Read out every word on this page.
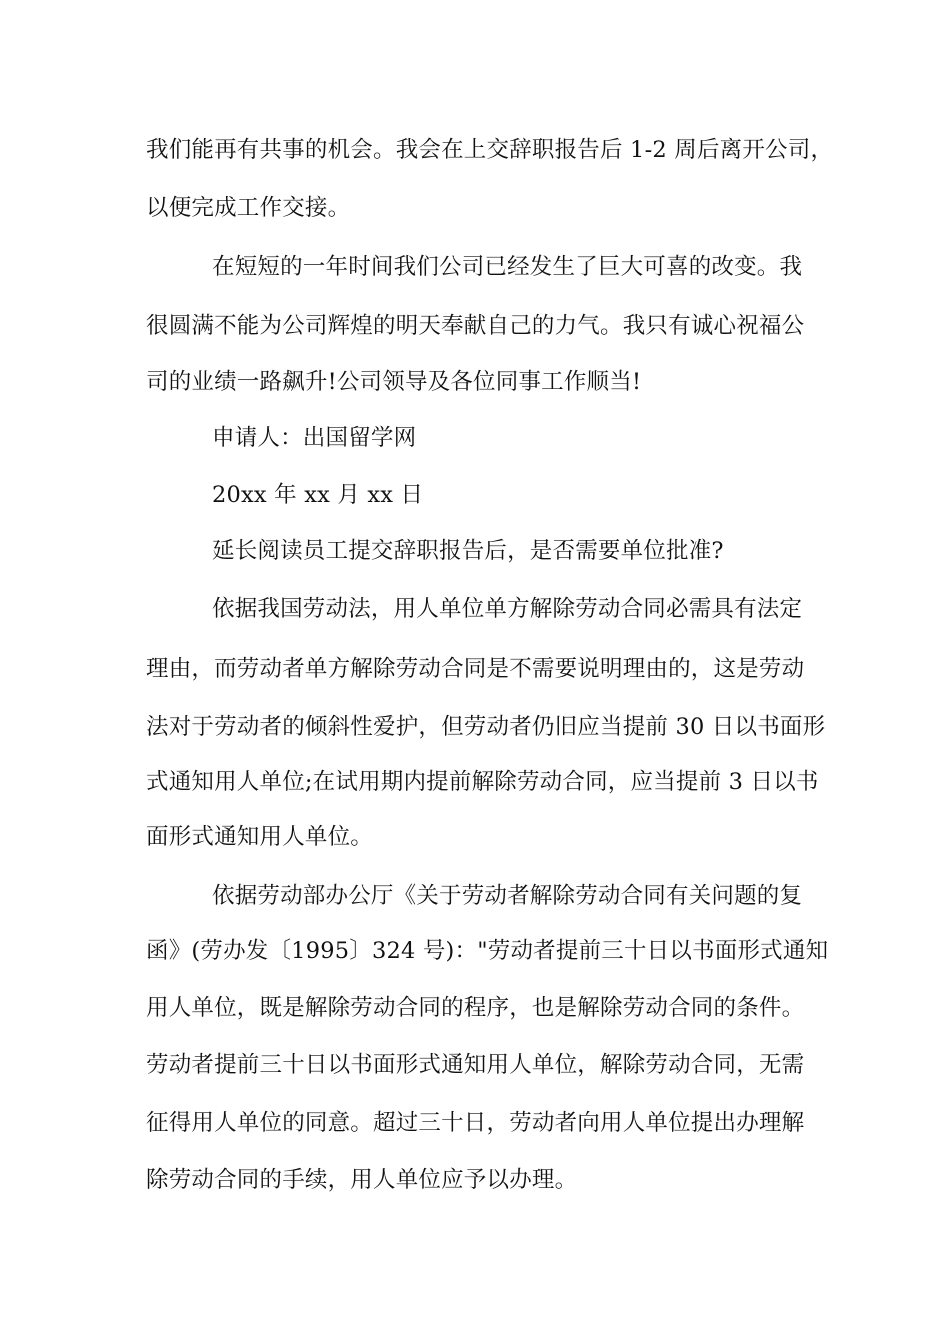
我们能再有共事的机会。我会在上交辞职报告后 1-2 周后离开公司，
以便完成工作交接。
在短短的一年时间我们公司已经发生了巨大可喜的改变。我
很圆满不能为公司辉煌的明天奉献自己的力气。我只有诚心祝福公
司的业绩一路飙升!公司领导及各位同事工作顺当!
申请人：出国留学网
20xx 年 xx 月 xx 日
延长阅读员工提交辞职报告后，是否需要单位批准?
依据我国劳动法，用人单位单方解除劳动合同必需具有法定
理由，而劳动者单方解除劳动合同是不需要说明理由的，这是劳动
法对于劳动者的倾斜性爱护，但劳动者仍旧应当提前 30 日以书面形
式通知用人单位;在试用期内提前解除劳动合同，应当提前 3 日以书
面形式通知用人单位。
依据劳动部办公厅《关于劳动者解除劳动合同有关问题的复
函》(劳办发〔1995〕324 号)："劳动者提前三十日以书面形式通知
用人单位，既是解除劳动合同的程序，也是解除劳动合同的条件。
劳动者提前三十日以书面形式通知用人单位，解除劳动合同，无需
征得用人单位的同意。超过三十日，劳动者向用人单位提出办理解
除劳动合同的手续，用人单位应予以办理。
